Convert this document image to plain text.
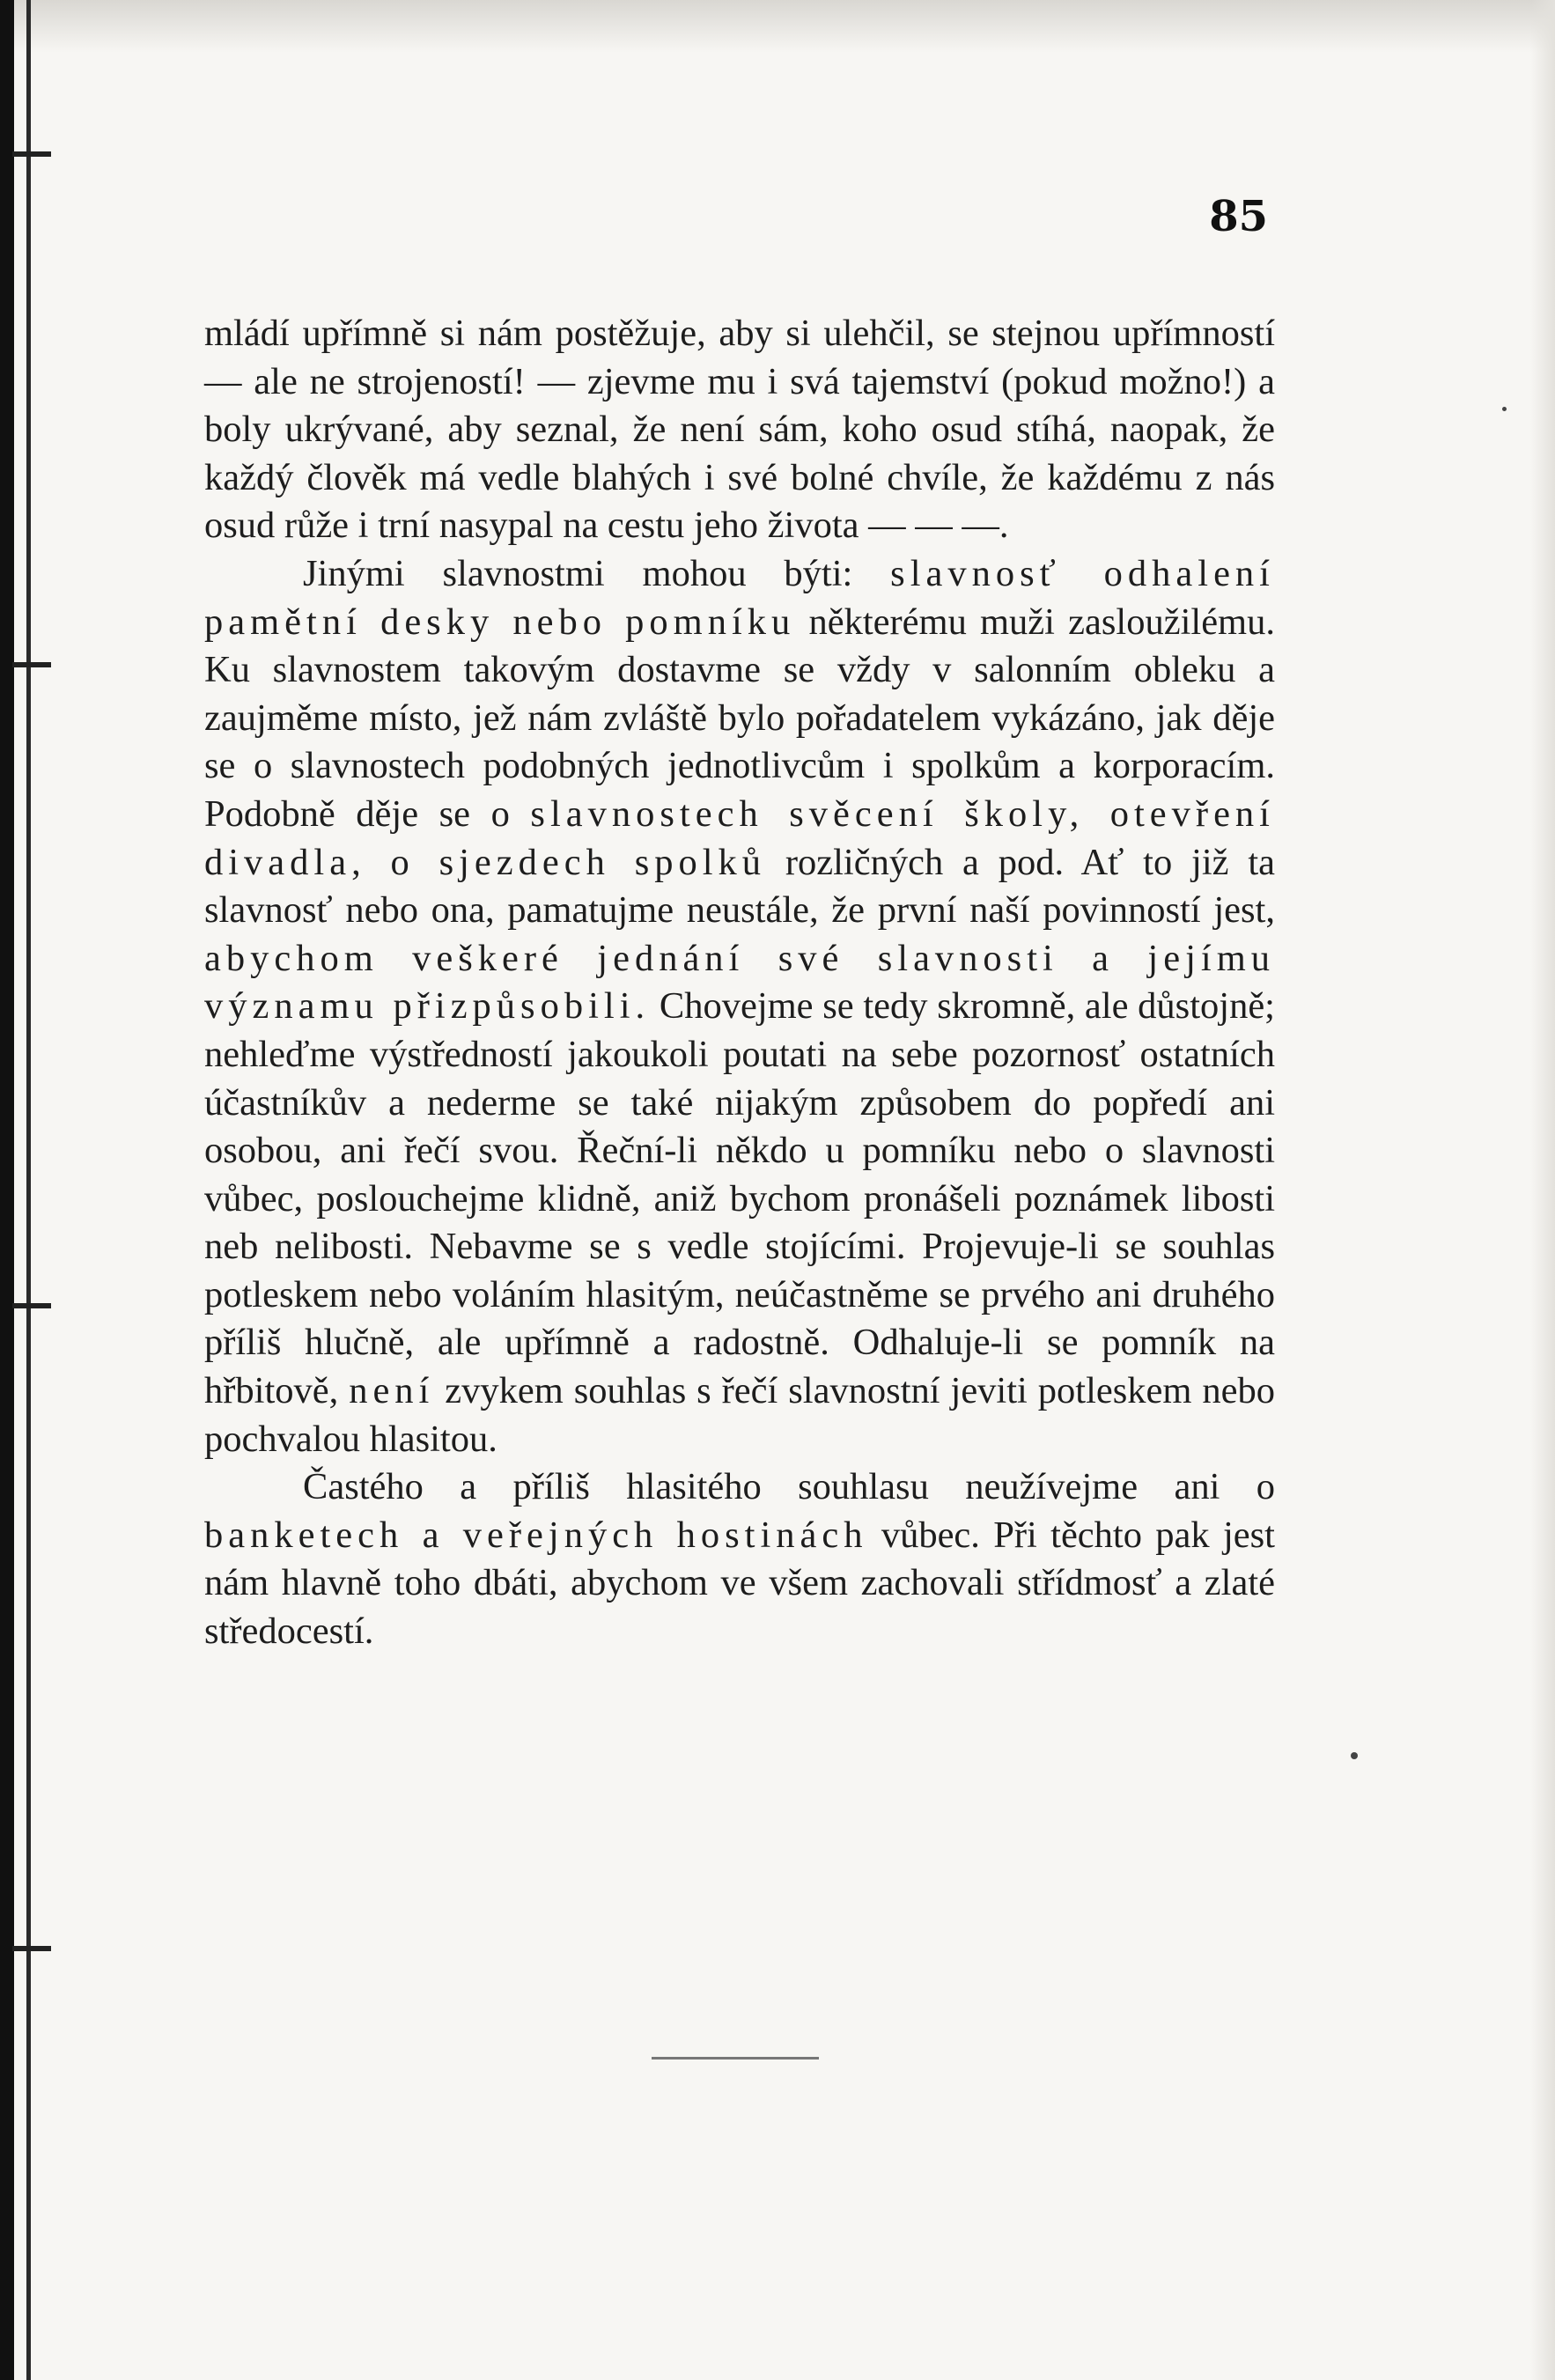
85

mládí upřímně si nám postěžuje, aby si ulehčil, se stejnou upřímností — ale ne strojeností! — zjevme mu i svá tajemství (pokud možno!) a boly ukrývané, aby seznal, že není sám, koho osud stíhá, naopak, že každý člověk má vedle blahých i své bolné chvíle, že každému z nás osud růže i trní nasypal na cestu jeho života — — —.

Jinými slavnostmi mohou býti: slavnosť odhalení pamětní desky nebo pomníku některému muži zasloužilému. Ku slavnostem takovým dostavme se vždy v salonním obleku a zaujměme místo, jež nám zvláště bylo pořadatelem vykázáno, jak děje se o slavnostech podobných jednotlivcům i spolkům a korporacím. Podobně děje se o slavnostech svěcení školy, otevření divadla, o sjezdech spolků rozličných a pod. Ať to již ta slavnosť nebo ona, pamatujme neustále, že první naší povinností jest, abychom veškeré jednání své slavnosti a jejímu významu přizpůsobili. Chovejme se tedy skromně, ale důstojně; nehleďme výstředností jakoukoli poutati na sebe pozornosť ostatních účastníkův a nederme se také nijakým způsobem do popředí ani osobou, ani řečí svou. Řeční-li někdo u pomníku nebo o slavnosti vůbec, poslouchejme klidně, aniž bychom pronášeli poznámek libosti neb nelibosti. Nebavme se s vedle stojícími. Projevuje-li se souhlas potleskem nebo voláním hlasitým, neúčastněme se prvého ani druhého příliš hlučně, ale upřímně a radostně. Odhaluje-li se pomník na hřbitově, není zvykem souhlas s řečí slavnostní jeviti potleskem nebo pochvalou hlasitou.

Častého a příliš hlasitého souhlasu neužívejme ani o banketech a veřejných hostinách vůbec. Při těchto pak jest nám hlavně toho dbáti, abychom ve všem zachovali střídmosť a zlaté středocestí.
